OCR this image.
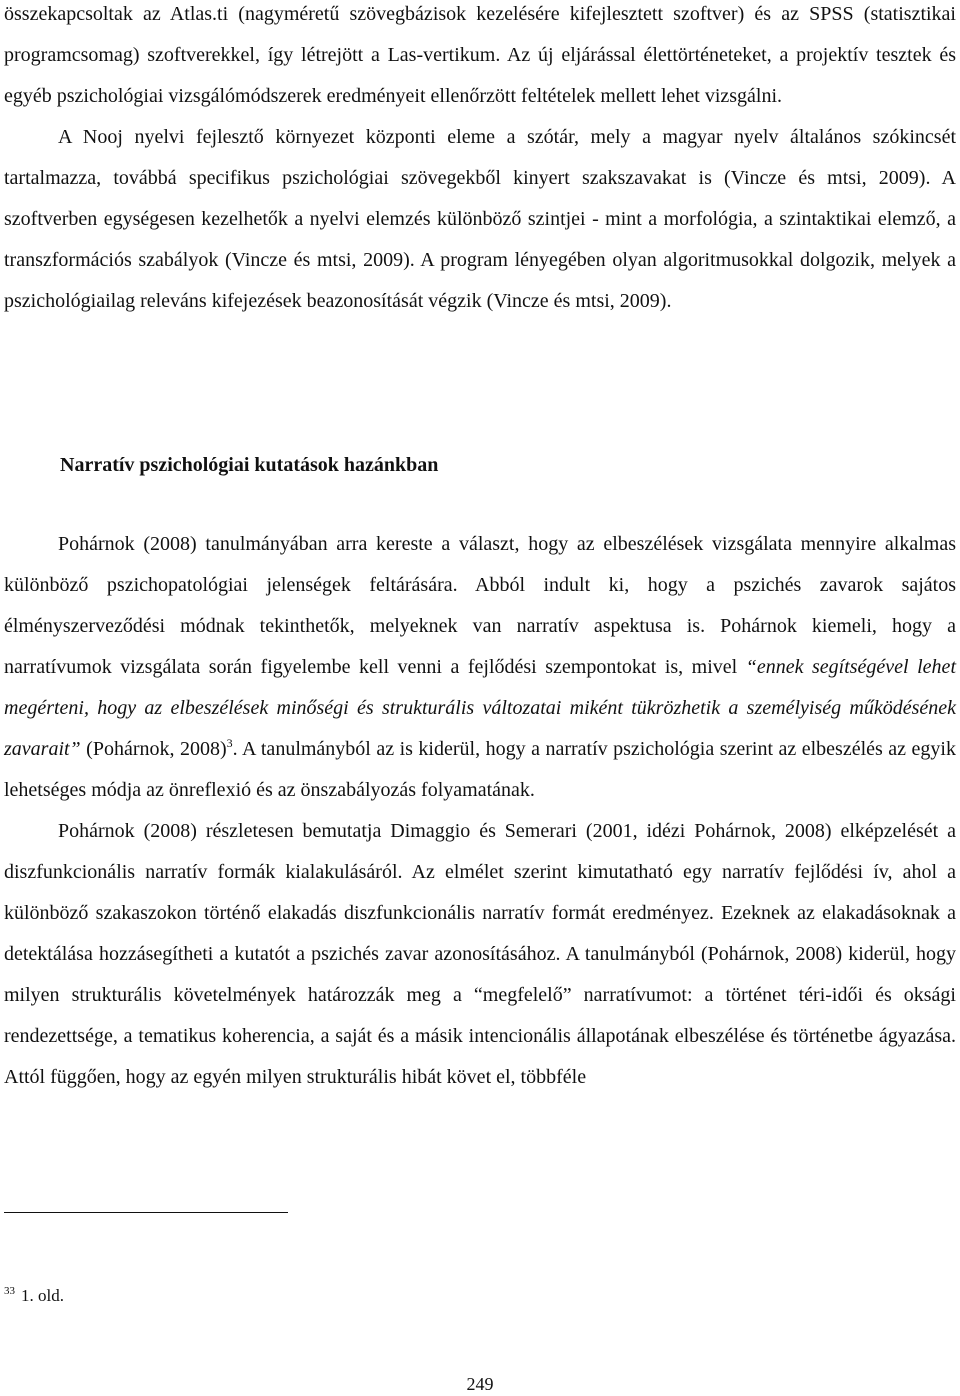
összekapcsoltak az Atlas.ti (nagyméretű szövegbázisok kezelésére kifejlesztett szoftver) és az SPSS (statisztikai programcsomag) szoftverekkel, így létrejött a Las-vertikum. Az új eljárással élettörténeteket, a projektív tesztek és egyéb pszichológiai vizsgálómódszerek eredményeit ellenőrzött feltételek mellett lehet vizsgálni.

A Nooj nyelvi fejlesztő környezet központi eleme a szótár, mely a magyar nyelv általános szókincsét tartalmazza, továbbá specifikus pszichológiai szövegekből kinyert szakszavakat is (Vincze és mtsi, 2009). A szoftverben egységesen kezelhetők a nyelvi elemzés különböző szintjei - mint a morfológia, a szintaktikai elemző, a transzformációs szabályok (Vincze és mtsi, 2009). A program lényegében olyan algoritmusokkal dolgozik, melyek a pszichológiailag releváns kifejezések beazonosítását végzik (Vincze és mtsi, 2009).

Narratív pszichológiai kutatások hazánkban

Pohárnok (2008) tanulmányában arra kereste a választ, hogy az elbeszélések vizsgálata mennyire alkalmas különböző pszichopatológiai jelenségek feltárására. Abból indult ki, hogy a pszichés zavarok sajátos élményszerveződési módnak tekinthetők, melyeknek van narratív aspektusa is. Pohárnok kiemeli, hogy a narratívumok vizsgálata során figyelembe kell venni a fejlődési szempontokat is, mivel “ennek segítségével lehet megérteni, hogy az elbeszélések minőségi és strukturális változatai miként tükrözhetik a személyiség működésének zavarait” (Pohárnok, 2008)$^3$. A tanulmányból az is kiderül, hogy a narratív pszichológia szerint az elbeszélés az egyik lehetséges módja az önreflexió és az önszabályozás folyamatának.

Pohárnok (2008) részletesen bemutatja Dimaggio és Semerari (2001, idézi Pohárnok, 2008) elképzelését a diszfunkcionális narratív formák kialakulásáról. Az elmélet szerint kimutatható egy narratív fejlődési ív, ahol a különböző szakaszokon történő elakadás diszfunkcionális narratív formát eredményez. Ezeknek az elakadásoknak a detektálása hozzásegítheti a kutatót a pszichés zavar azonosításához. A tanulmányból (Pohárnok, 2008) kiderül, hogy milyen strukturális követelmények határozzák meg a “megfelelő” narratívumot: a történet téri-idői és oksági rendezettsége, a tematikus koherencia, a saját és a másik intencionális állapotának elbeszélése és történetbe ágyazása. Attól függően, hogy az egyén milyen strukturális hibát követ el, többféle

$^{33}$ 1. old.
249
